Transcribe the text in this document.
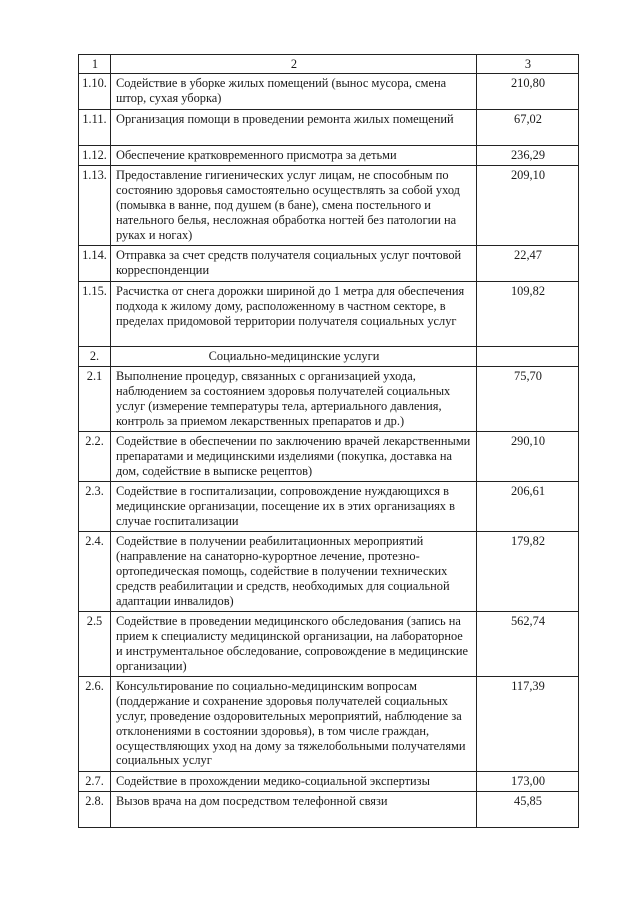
1	2	3
1.10.	Содействие в уборке жилых помещений (вынос мусора, смена штор, сухая уборка)	210,80
1.11.	Организация помощи в проведении ремонта жилых помещений	67,02
1.12.	Обеспечение кратковременного присмотра за детьми	236,29
1.13.	Предоставление гигиенических услуг лицам, не способным по состоянию здоровья самостоятельно осуществлять за собой уход (помывка в ванне, под душем (в бане), смена постельного и нательного белья, несложная обработка ногтей без патологии на руках и ногах)	209,10
1.14.	Отправка за счет средств получателя социальных услуг почтовой корреспонденции	22,47
1.15.	Расчистка от снега дорожки шириной до 1 метра для обеспечения подхода к жилому дому, расположенному в частном секторе, в пределах придомовой территории получателя социальных услуг	109,82
2.	Социально-медицинские услуги	
2.1	Выполнение процедур, связанных с организацией ухода, наблюдением за состоянием здоровья получателей социальных услуг (измерение температуры тела, артериального давления, контроль за приемом лекарственных препаратов и др.)	75,70
2.2.	Содействие в обеспечении по заключению врачей лекарственными препаратами и медицинскими изделиями (покупка, доставка на дом, содействие в выписке рецептов)	290,10
2.3.	Содействие в госпитализации, сопровождение нуждающихся в медицинские организации, посещение их в этих организациях в случае госпитализации	206,61
2.4.	Содействие в получении реабилитационных мероприятий (направление на санаторно-курортное лечение, протезно-ортопедическая помощь, содействие в получении технических средств реабилитации и средств, необходимых для социальной адаптации инвалидов)	179,82
2.5	Содействие в проведении медицинского обследования (запись на прием к специалисту медицинской организации, на лабораторное и инструментальное обследование, сопровождение в медицинские организации)	562,74
2.6.	Консультирование по социально-медицинским вопросам (поддержание и сохранение здоровья получателей социальных услуг, проведение оздоровительных мероприятий, наблюдение за отклонениями в состоянии здоровья), в том числе граждан, осуществляющих уход на дому за тяжелобольными получателями социальных услуг	117,39
2.7.	Содействие в прохождении медико-социальной экспертизы	173,00
2.8.	Вызов врача на дом посредством телефонной связи	45,85
